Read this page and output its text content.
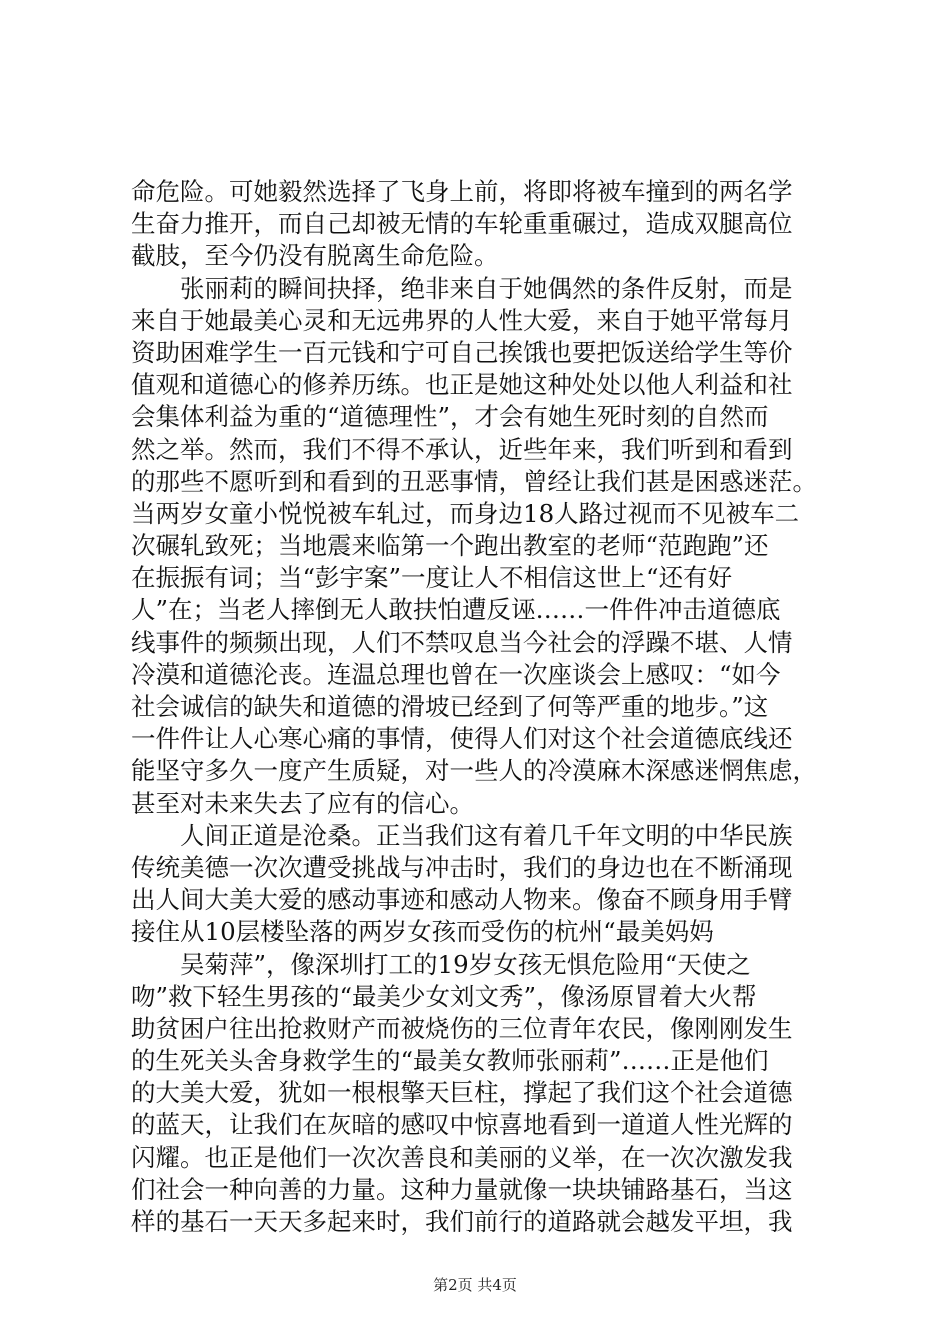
命危险。可她毅然选择了飞身上前，将即将被车撞到的两名学
生奋力推开，而自己却被无情的车轮重重碾过，造成双腿高位
截肢，至今仍没有脱离生命危险。
　　张丽莉的瞬间抉择，绝非来自于她偶然的条件反射，而是
来自于她最美心灵和无远弗界的人性大爱，来自于她平常每月
资助困难学生一百元钱和宁可自己挨饿也要把饭送给学生等价
值观和道德心的修养历练。也正是她这种处处以他人利益和社
会集体利益为重的“道德理性”，才会有她生死时刻的自然而
然之举。然而，我们不得不承认，近些年来，我们听到和看到
的那些不愿听到和看到的丑恶事情，曾经让我们甚是困惑迷茫。
当两岁女童小悦悦被车轧过，而身边18人路过视而不见被车二
次碾轧致死；当地震来临第一个跑出教室的老师“范跑跑”还
在振振有词；当“彭宇案”一度让人不相信这世上“还有好
人”在；当老人摔倒无人敢扶怕遭反诬……一件件冲击道德底
线事件的频频出现，人们不禁叹息当今社会的浮躁不堪、人情
冷漠和道德沦丧。连温总理也曾在一次座谈会上感叹：“如今
社会诚信的缺失和道德的滑坡已经到了何等严重的地步。”这
一件件让人心寒心痛的事情，使得人们对这个社会道德底线还
能坚守多久一度产生质疑，对一些人的冷漠麻木深感迷惘焦虑，
甚至对未来失去了应有的信心。
　　人间正道是沧桑。正当我们这有着几千年文明的中华民族
传统美德一次次遭受挑战与冲击时，我们的身边也在不断涌现
出人间大美大爱的感动事迹和感动人物来。像奋不顾身用手臂
接住从10层楼坠落的两岁女孩而受伤的杭州“最美妈妈
　　吴菊萍”，像深圳打工的19岁女孩无惧危险用“天使之
吻”救下轻生男孩的“最美少女刘文秀”，像汤原冒着大火帮
助贫困户往出抢救财产而被烧伤的三位青年农民，像刚刚发生
的生死关头舍身救学生的“最美女教师张丽莉”……正是他们
的大美大爱，犹如一根根擎天巨柱，撑起了我们这个社会道德
的蓝天，让我们在灰暗的感叹中惊喜地看到一道道人性光辉的
闪耀。也正是他们一次次善良和美丽的义举，在一次次激发我
们社会一种向善的力量。这种力量就像一块块铺路基石，当这
样的基石一天天多起来时，我们前行的道路就会越发平坦，我
第2页 共4页
